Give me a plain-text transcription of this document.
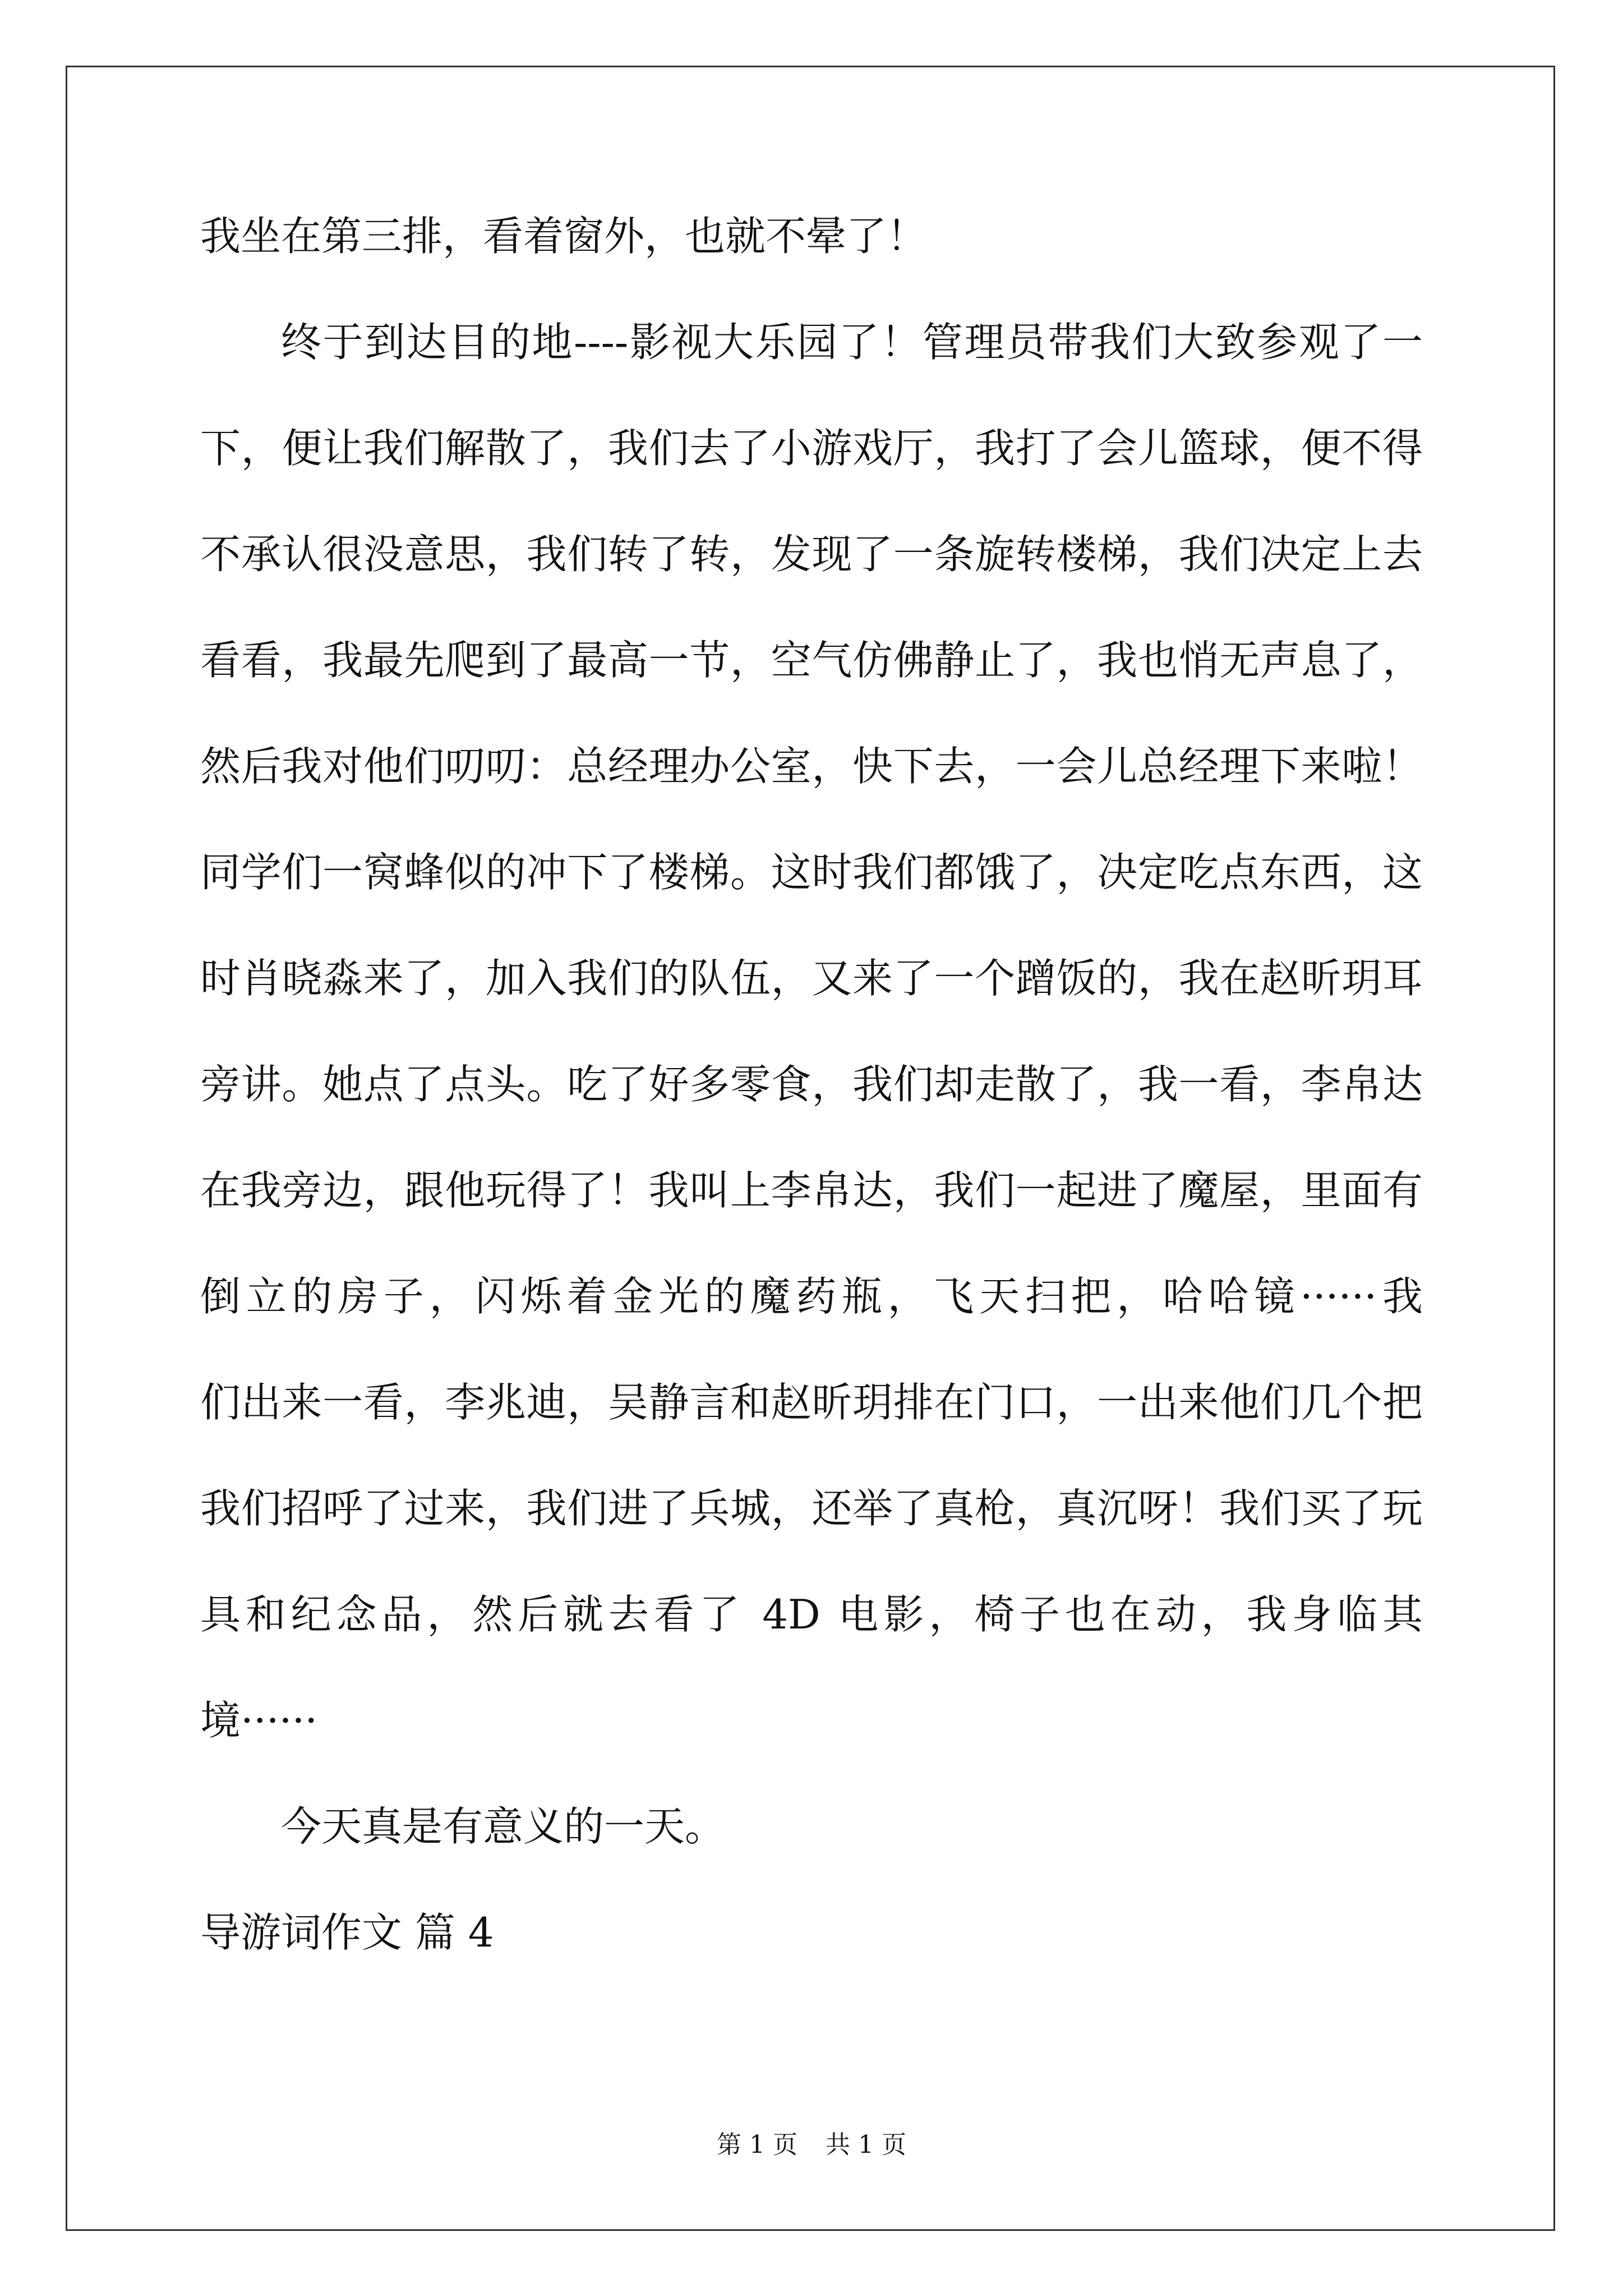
我坐在第三排，看着窗外，也就不晕了！
终于到达目的地----影视大乐园了！管理员带我们大致参观了一
下，便让我们解散了，我们去了小游戏厅，我打了会儿篮球，便不得
不承认很没意思，我们转了转，发现了一条旋转楼梯，我们决定上去
看看，我最先爬到了最高一节，空气仿佛静止了，我也悄无声息了，
然后我对他们叨叨：总经理办公室，快下去，一会儿总经理下来啦！
同学们一窝蜂似的冲下了楼梯。这时我们都饿了，决定吃点东西，这
时肖晓淼来了，加入我们的队伍，又来了一个蹭饭的，我在赵昕玥耳
旁讲。她点了点头。吃了好多零食，我们却走散了，我一看，李帛达
在我旁边，跟他玩得了！我叫上李帛达，我们一起进了魔屋，里面有
倒立的房子，闪烁着金光的魔药瓶，飞天扫把，哈哈镜······我
们出来一看，李兆迪，吴静言和赵昕玥排在门口，一出来他们几个把
我们招呼了过来，我们进了兵城，还举了真枪，真沉呀！我们买了玩
具和纪念品，然后就去看了 4D 电影，椅子也在动，我身临其
境······
今天真是有意义的一天。
导游词作文 篇 4
第 1 页 共 1 页
